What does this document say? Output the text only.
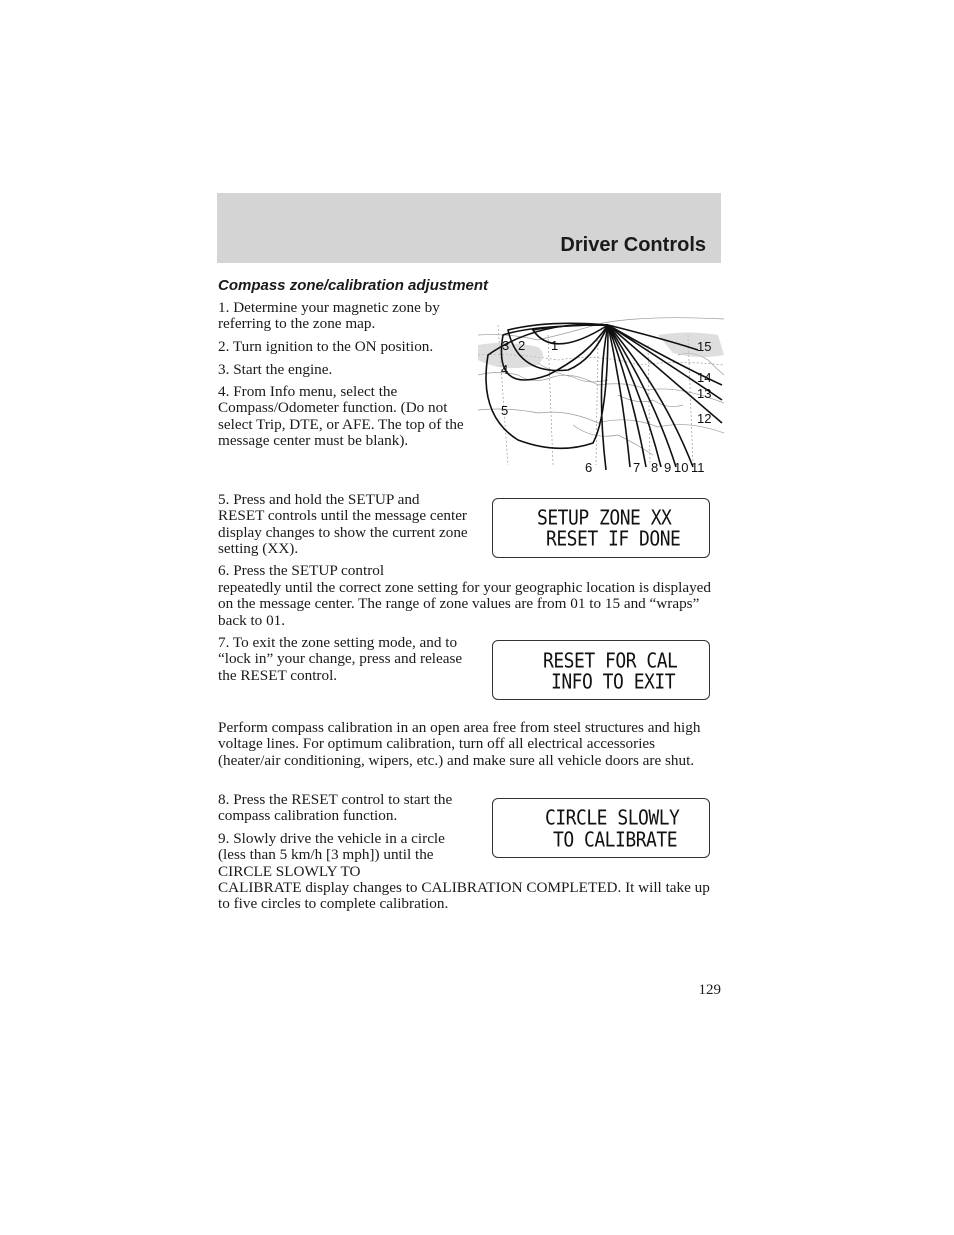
Driver Controls
Compass zone/calibration adjustment

1. Determine your magnetic zone by referring to the zone map.

2. Turn ignition to the ON position.

3. Start the engine.

4. From Info menu, select the Compass/Odometer function. (Do not select Trip, DTE, or AFE. The top of the message center must be blank).

3 2 1
4
5
6	7 8 9 10 11
12
13
14
15

5. Press and hold the SETUP and RESET controls until the message center display changes to show the current zone setting (XX).

SETUP ZONE XX
RESET IF DONE

6. Press the SETUP control

repeatedly until the correct zone setting for your geographic location is displayed on the message center. The range of zone values are from 01 to 15 and “wraps” back to 01.

7. To exit the zone setting mode, and to “lock in” your change, press and release the RESET control.

RESET FOR CAL
INFO TO EXIT

Perform compass calibration in an open area free from steel structures and high voltage lines. For optimum calibration, turn off all electrical accessories (heater/air conditioning, wipers, etc.) and make sure all vehicle doors are shut.

8. Press the RESET control to start the compass calibration function.	CIRCLE SLOWLY
TO CALIBRATE

9. Slowly drive the vehicle in a circle (less than 5 km/h [3 mph]) until the CIRCLE SLOWLY TO

CALIBRATE display changes to CALIBRATION COMPLETED. It will take up to five circles to complete calibration.

129
